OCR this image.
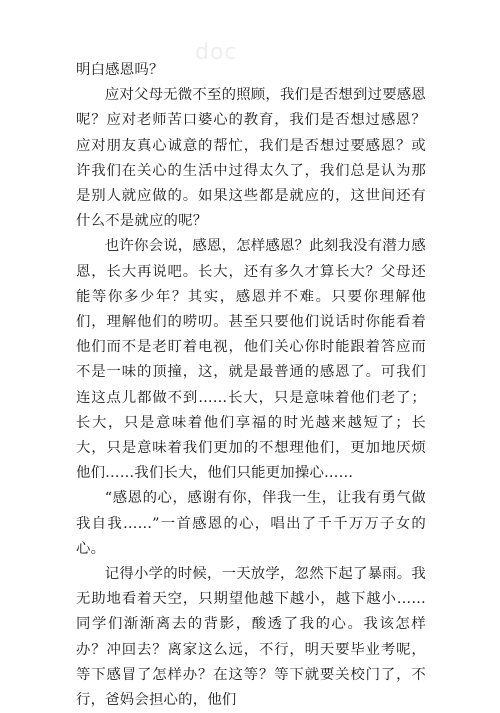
doc

明白感恩吗？

应对父母无微不至的照顾，我们是否想到过要感恩呢？应对老师苦口婆心的教育，我们是否想过感恩？应对朋友真心诚意的帮忙，我们是否想过要感恩？或许我们在关心的生活中过得太久了，我们总是认为那是别人就应做的。如果这些都是就应的，这世间还有什么不是就应的呢？

也许你会说，感恩，怎样感恩？此刻我没有潜力感恩，长大再说吧。长大，还有多久才算长大？父母还能等你多少年？其实，感恩并不难。只要你理解他们，理解他们的唠叨。甚至只要他们说话时你能看着他们而不是老盯着电视，他们关心你时能跟着答应而不是一味的顶撞，这，就是最普通的感恩了。可我们连这点儿都做不到……长大，只是意味着他们老了；长大，只是意味着他们享福的时光越来越短了；长大，只是意味着我们更加的不想理他们，更加地厌烦他们……我们长大，他们只能更加操心……

“感恩的心，感谢有你，伴我一生，让我有勇气做我自我……”一首感恩的心，唱出了千千万万子女的心。

记得小学的时候，一天放学，忽然下起了暴雨。我无助地看着天空，只期望他越下越小，越下越小……同学们渐渐离去的背影，酸透了我的心。我该怎样办？冲回去？离家这么远，不行，明天要毕业考呢，等下感冒了怎样办？在这等？等下就要关校门了，不行，爸妈会担心的，他们
